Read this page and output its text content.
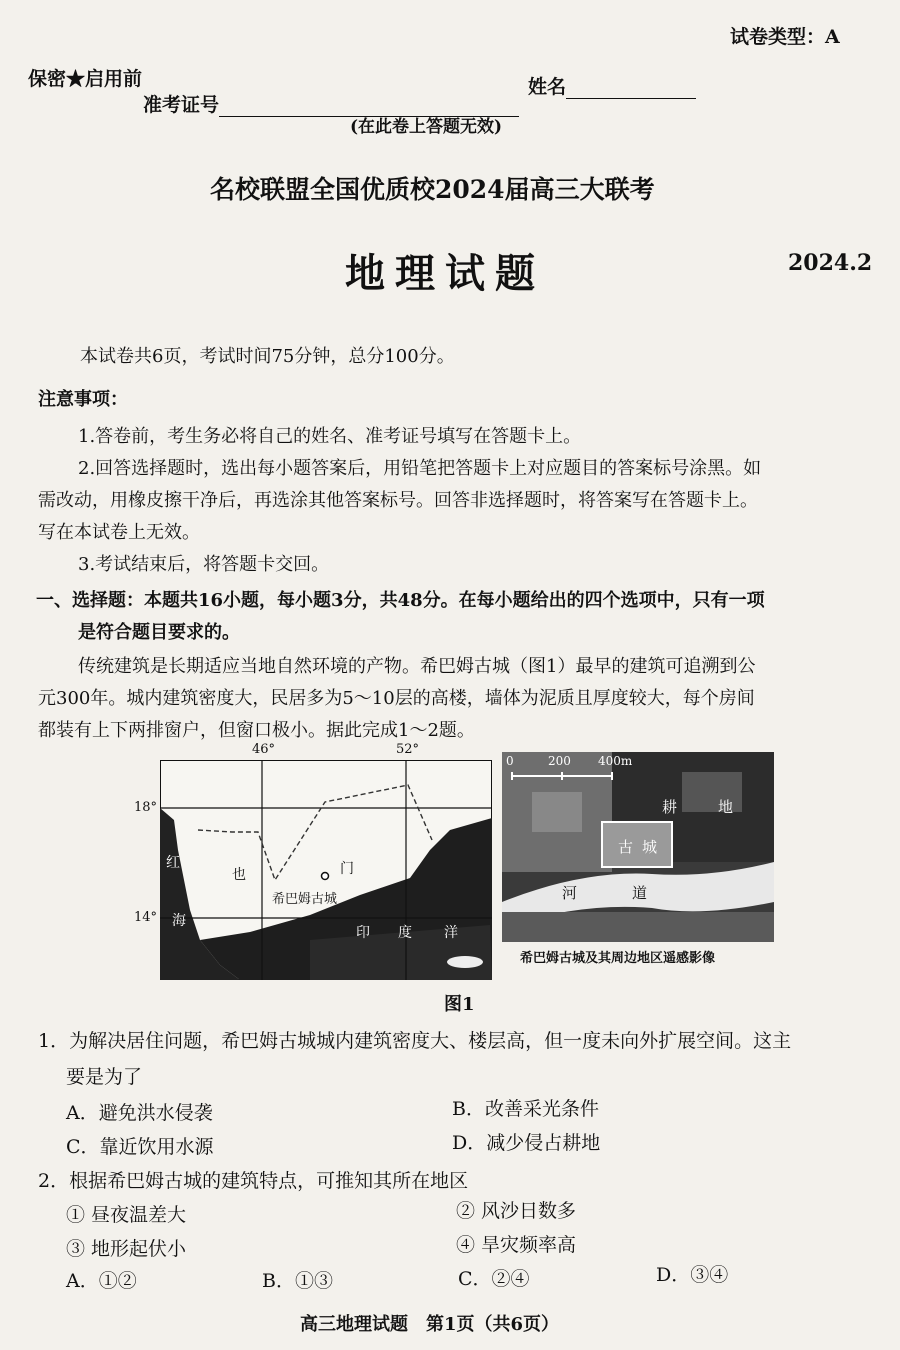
试卷类型：A
保密★启用前
准考证号
姓名
(在此卷上答题无效)
名校联盟全国优质校2024届高三大联考
地理试题	2024.2
本试卷共6页，考试时间75分钟，总分100分。
注意事项：
1.答卷前，考生务必将自己的姓名、准考证号填写在答题卡上。
2.回答选择题时，选出每小题答案后，用铅笔把答题卡上对应题目的答案标号涂黑。如
需改动，用橡皮擦干净后，再选涂其他答案标号。回答非选择题时，将答案写在答题卡上。
写在本试卷上无效。
3.考试结束后，将答题卡交回。
一、选择题：本题共16小题，每小题3分，共48分。在每小题给出的四个选项中，只有一项
是符合题目要求的。
传统建筑是长期适应当地自然环境的产物。希巴姆古城（图1）最早的建筑可追溯到公
元300年。城内建筑密度大，民居多为5～10层的高楼，墙体为泥质且厚度较大，每个房间
都装有上下两排窗户，但窗口极小。据此完成1～2题。
46°	52°
18°
14°
红
海
也	门
希巴姆古城
印 度 洋
0	200 400m
耕	地
古 城
河	道
希巴姆古城及其周边地区遥感影像
图1
1．为解决居住问题，希巴姆古城城内建筑密度大、楼层高，但一度未向外扩展空间。这主
要是为了
A．避免洪水侵袭	B．改善采光条件
C．靠近饮用水源	D．减少侵占耕地
2．根据希巴姆古城的建筑特点，可推知其所在地区
① 昼夜温差大	② 风沙日数多
③ 地形起伏小	④ 旱灾频率高
A．①②	B．①③	C．②④	D．③④
高三地理试题　第1页（共6页）
